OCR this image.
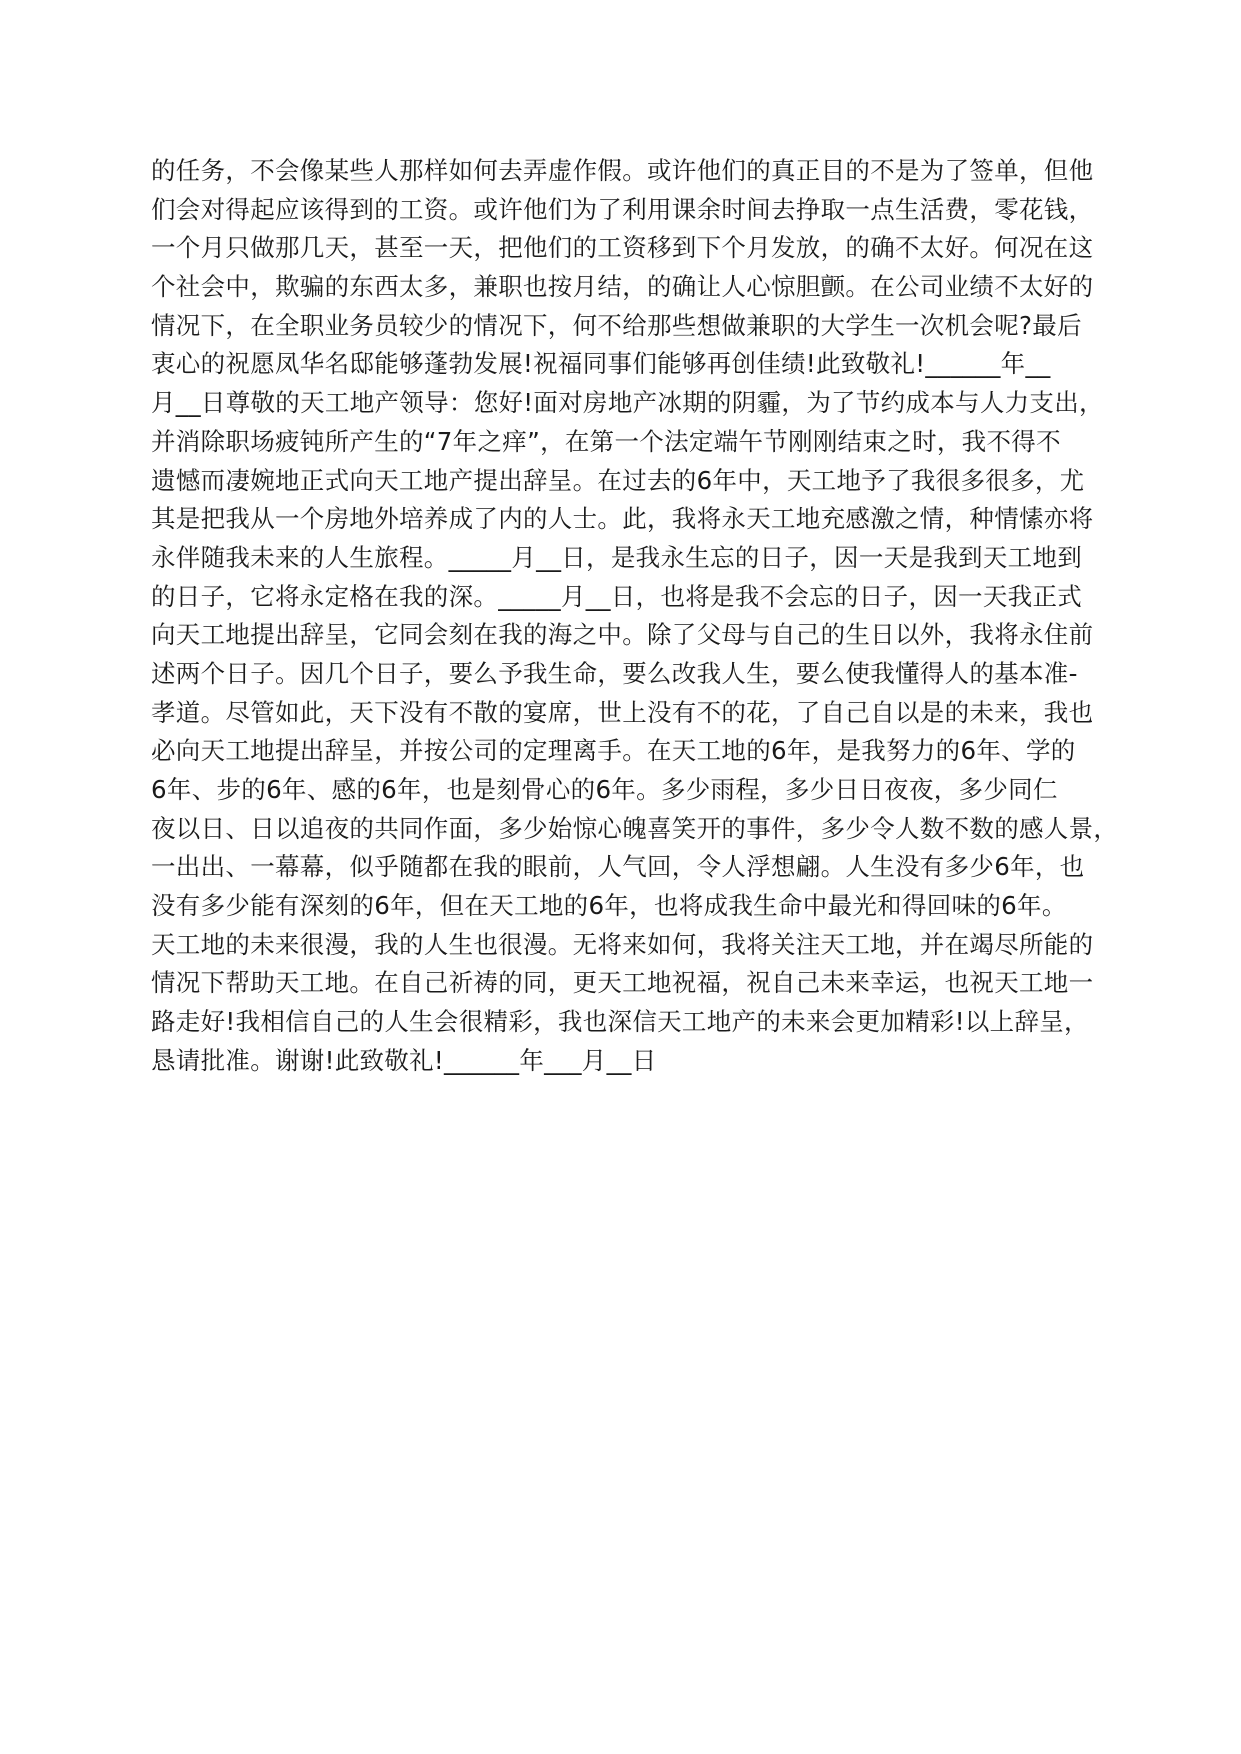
的任务，不会像某些人那样如何去弄虚作假。或许他们的真正目的不是为了签单，但他
们会对得起应该得到的工资。或许他们为了利用课余时间去挣取一点生活费，零花钱，
一个月只做那几天，甚至一天，把他们的工资移到下个月发放，的确不太好。何况在这
个社会中，欺骗的东西太多，兼职也按月结，的确让人心惊胆颤。在公司业绩不太好的
情况下，在全职业务员较少的情况下，何不给那些想做兼职的大学生一次机会呢?最后
衷心的祝愿凤华名邸能够蓬勃发展!祝福同事们能够再创佳绩!此致敬礼!______年__
月__日尊敬的天工地产领导：您好!面对房地产冰期的阴霾，为了节约成本与人力支出，
并消除职场疲钝所产生的“7年之痒”，在第一个法定端午节刚刚结束之时，我不得不
遗憾而凄婉地正式向天工地产提出辞呈。在过去的6年中，天工地予了我很多很多，尤
其是把我从一个房地外培养成了内的人士。此，我将永天工地充感激之情，种情愫亦将
永伴随我未来的人生旅程。_____月__日，是我永生忘的日子，因一天是我到天工地到
的日子，它将永定格在我的深。_____月__日，也将是我不会忘的日子，因一天我正式
向天工地提出辞呈，它同会刻在我的海之中。除了父母与自己的生日以外，我将永住前
述两个日子。因几个日子，要么予我生命，要么改我人生，要么使我懂得人的基本准-
孝道。尽管如此，天下没有不散的宴席，世上没有不的花，了自己自以是的未来，我也
必向天工地提出辞呈，并按公司的定理离手。在天工地的6年，是我努力的6年、学的
6年、步的6年、感的6年，也是刻骨心的6年。多少雨程，多少日日夜夜，多少同仁
夜以日、日以追夜的共同作面，多少始惊心魄喜笑开的事件，多少令人数不数的感人景，
一出出、一幕幕，似乎随都在我的眼前，人气回，令人浮想翩。人生没有多少6年，也
没有多少能有深刻的6年，但在天工地的6年，也将成我生命中最光和得回味的6年。
天工地的未来很漫，我的人生也很漫。无将来如何，我将关注天工地，并在竭尽所能的
情况下帮助天工地。在自己祈祷的同，更天工地祝福，祝自己未来幸运，也祝天工地一
路走好!我相信自己的人生会很精彩，我也深信天工地产的未来会更加精彩!以上辞呈，
恳请批准。谢谢!此致敬礼!______年___月__日
